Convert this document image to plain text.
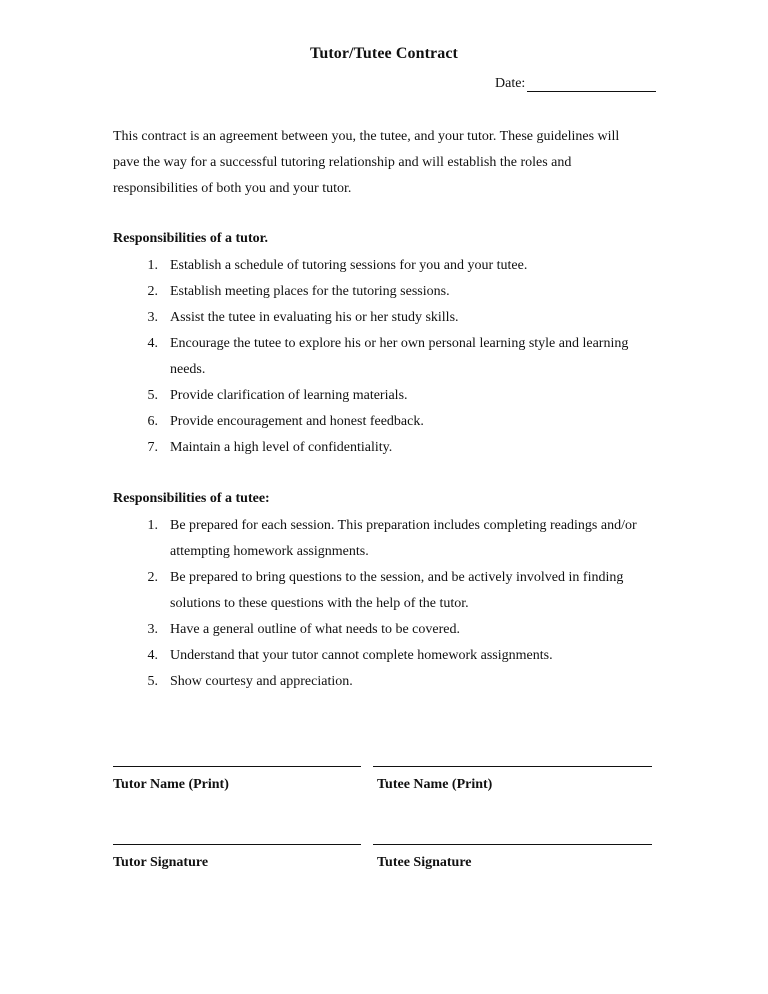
Tutor/Tutee Contract
Date:
This contract is an agreement between you, the tutee, and your tutor. These guidelines will pave the way for a successful tutoring relationship and will establish the roles and responsibilities of both you and your tutor.
Responsibilities of a tutor.
1. Establish a schedule of tutoring sessions for you and your tutee.
2. Establish meeting places for the tutoring sessions.
3. Assist the tutee in evaluating his or her study skills.
4. Encourage the tutee to explore his or her own personal learning style and learning needs.
5. Provide clarification of learning materials.
6. Provide encouragement and honest feedback.
7. Maintain a high level of confidentiality.
Responsibilities of a tutee:
1. Be prepared for each session. This preparation includes completing readings and/or attempting homework assignments.
2. Be prepared to bring questions to the session, and be actively involved in finding solutions to these questions with the help of the tutor.
3. Have a general outline of what needs to be covered.
4. Understand that your tutor cannot complete homework assignments.
5. Show courtesy and appreciation.
Tutor Name (Print)	Tutee Name (Print)
Tutor Signature	Tutee Signature
